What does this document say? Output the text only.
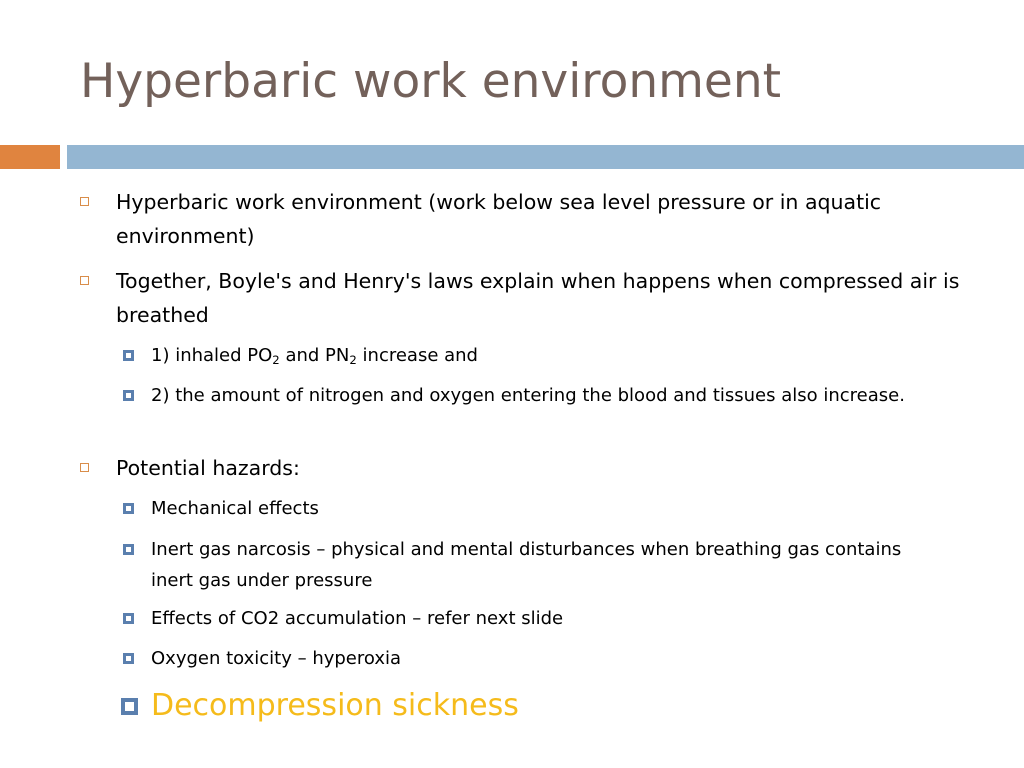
Hyperbaric work environment
Hyperbaric work environment (work below sea level pressure or in aquatic environment)
Together, Boyle's and Henry's laws explain when happens when compressed air is breathed
1) inhaled $PO_2$ and $PN_2$ increase and
2) the amount of nitrogen and oxygen entering the blood and tissues also increase.
Potential hazards:
Mechanical effects
Inert gas narcosis – physical and mental disturbances when breathing gas contains inert gas under pressure
Effects of CO2 accumulation – refer next slide
Oxygen toxicity – hyperoxia
Decompression sickness
